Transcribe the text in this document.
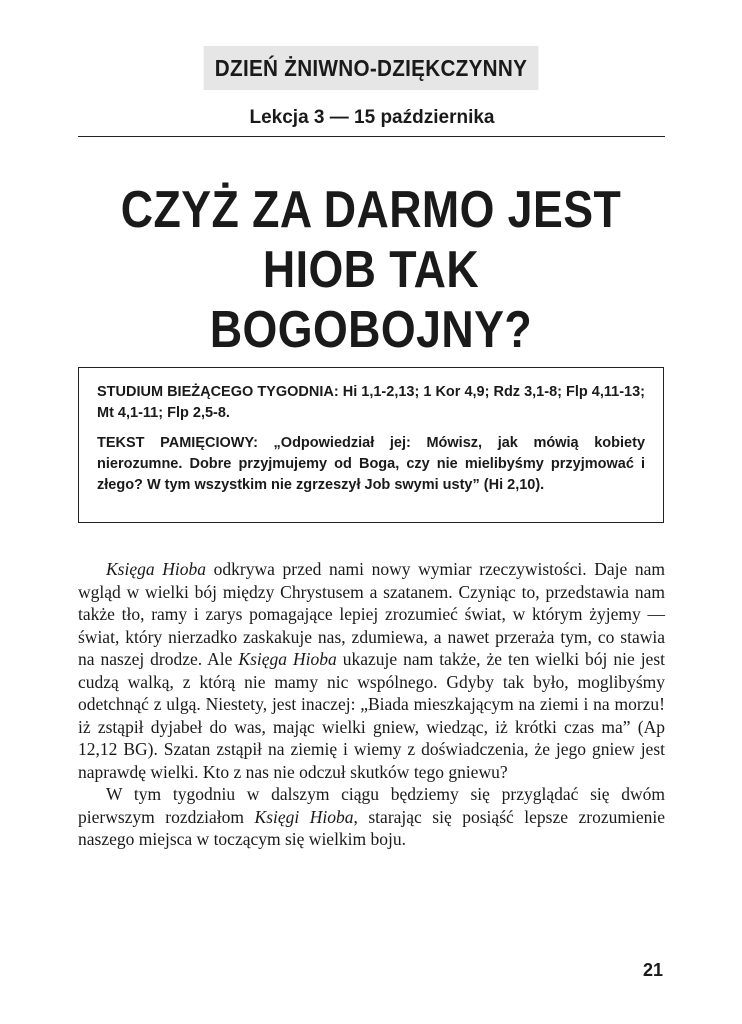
DZIEŃ ŻNIWNO-DZIĘKCZYNNY
Lekcja 3 — 15 października
CZYŻ ZA DARMO JEST
HIOB TAK BOGOBOJNY?

STUDIUM BIEŻĄCEGO TYGODNIA: Hi 1,1-2,13; 1 Kor 4,9; Rdz 3,1-8; Flp 4,11-13; Mt 4,1-11; Flp 2,5-8.

TEKST PAMIĘCIOWY: „Odpowiedział jej: Mówisz, jak mówią kobiety nierozumne. Dobre przyjmujemy od Boga, czy nie mielibyśmy przyjmować i złego? W tym wszystkim nie zgrzeszył Job swymi usty” (Hi 2,10).

Księga Hioba odkrywa przed nami nowy wymiar rzeczywistości. Daje nam wgląd w wielki bój między Chrystusem a szatanem. Czyniąc to, przedstawia nam także tło, ramy i zarys pomagające lepiej zrozumieć świat, w którym żyjemy — świat, który nierzadko zaskakuje nas, zdumiewa, a nawet przeraża tym, co stawia na naszej drodze. Ale Księga Hioba ukazuje nam także, że ten wielki bój nie jest cudzą walką, z którą nie mamy nic wspólnego. Gdyby tak było, moglibyśmy odetchnąć z ulgą. Niestety, jest inaczej: „Biada mieszkającym na ziemi i na morzu! iż zstąpił dyjabeł do was, mając wielki gniew, wiedząc, iż krótki czas ma” (Ap 12,12 BG). Szatan zstąpił na ziemię i wiemy z doświadczenia, że jego gniew jest naprawdę wielki. Kto z nas nie odczuł skutków tego gniewu?

W tym tygodniu w dalszym ciągu będziemy się przyglądać się dwóm pierwszym rozdziałom Księgi Hioba, starając się posiąść lepsze zrozumienie naszego miejsca w toczącym się wielkim boju.

21
